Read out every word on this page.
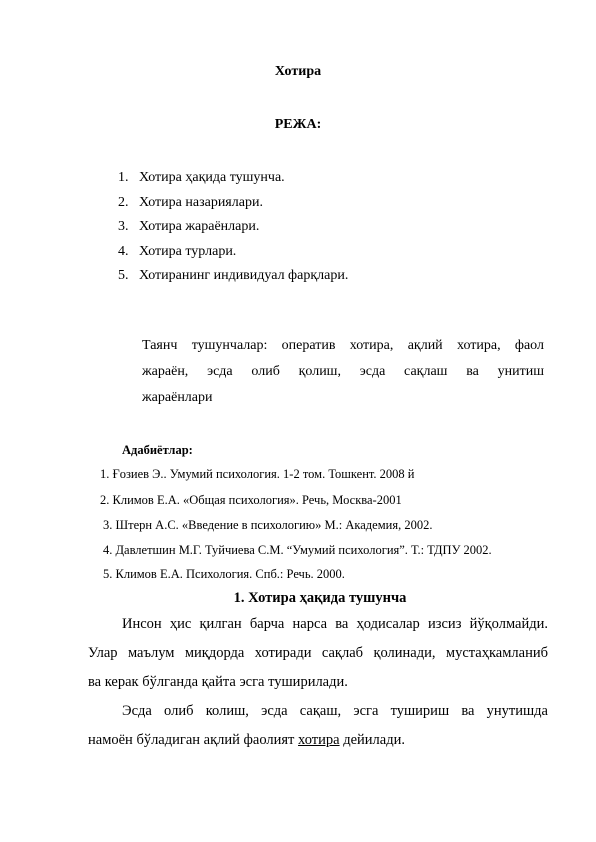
Хотира
РЕЖА:
1. Хотира ҳақида тушунча.
2. Хотира назариялари.
3. Хотира жараёнлари.
4. Хотира турлари.
5. Хотиранинг индивидуал фарқлари.
Таянч тушунчалар: оператив хотира, ақлий хотира, фаол
жараён, эсда олиб қолиш, эсда сақлаш ва унитиш
жараёнлари
Адабиётлар:
1. Ғозиев Э.. Умумий психология. 1-2 том. Тошкент. 2008 й
2. Климов Е.А. «Общая психология». Речь, Москва-2001
3. Штерн А.С. «Введение в психологию» М.: Академия, 2002.
4. Давлетшин М.Г. Туйчиева С.М. “Умумий психология”. Т.: ТДПУ 2002.
5. Климов Е.А. Психология. Спб.: Речь. 2000.
1. Хотира ҳақида тушунча
Инсон ҳис қилган барча нарса ва ҳодисалар изсиз йўқолмайди.
Улар маълум миқдорда хотиради сақлаб қолинади, мустаҳкамланиб
ва керак бўлганда қайта эсга туширилади.
Эсда олиб колиш, эсда сақаш, эсга тушириш ва унутишда
намоён бўладиган ақлий фаолият хотира дейилади.
